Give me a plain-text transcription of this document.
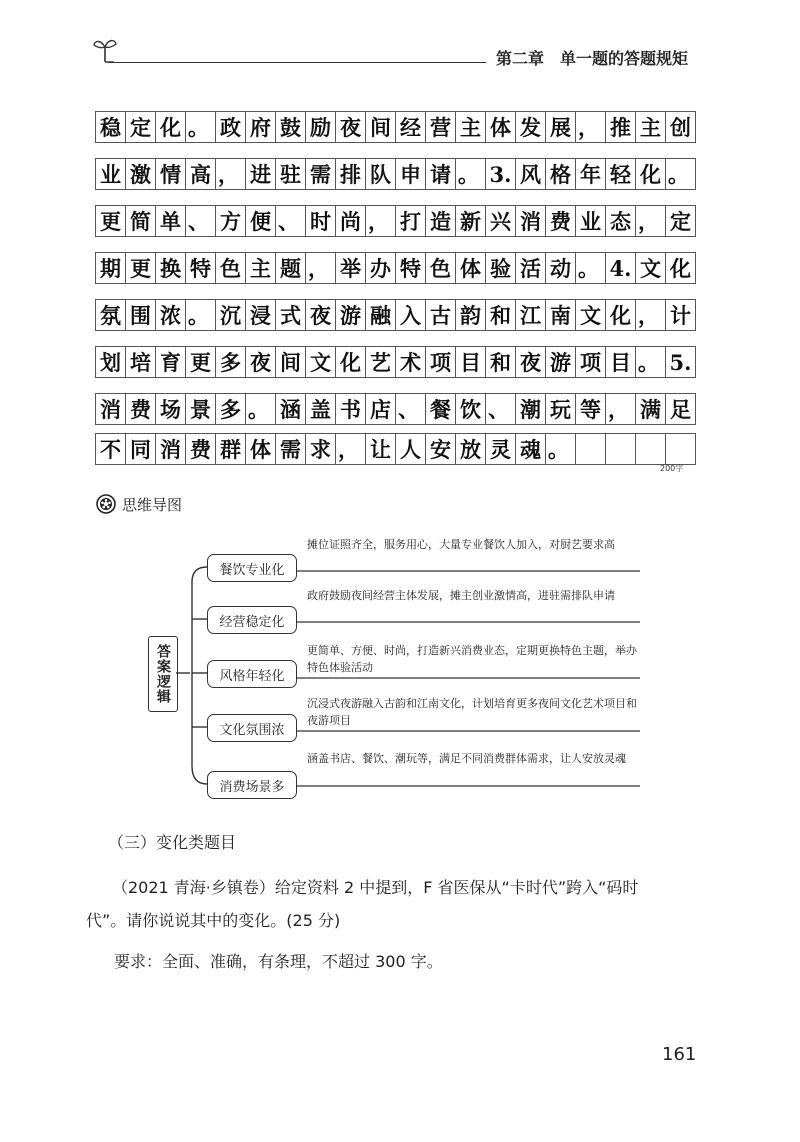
第二章　单一题的答题规矩
稳 定 化 。 政 府 鼓 励 夜 间 经 营 主 体 发 展 ， 推 主 创
业 激 情 高 ， 进 驻 需 排 队 申 请 。 3. 风 格 年 轻 化 。
更 简 单 、 方 便 、 时 尚 ， 打 造 新 兴 消 费 业 态 ， 定
期 更 换 特 色 主 题 ， 举 办 特 色 体 验 活 动 。 4. 文 化
氛 围 浓 。 沉 浸 式 夜 游 融 入 古 韵 和 江 南 文 化 ， 计
划 培 育 更 多 夜 间 文 化 艺 术 项 目 和 夜 游 项 目 。 5.
消 费 场 景 多 。 涵 盖 书 店 、 餐 饮 、 潮 玩 等 ， 满 足
不 同 消 费 群 体 需 求 ， 让 人 安 放 灵 魂 。
200字
思维导图
答案逻辑
餐饮专业化
摊位证照齐全，服务用心，大量专业餐饮人加入，对厨艺要求高
经营稳定化
政府鼓励夜间经营主体发展，摊主创业激情高，进驻需排队申请
风格年轻化
更简单、方便、时尚，打造新兴消费业态，定期更换特色主题，举办特色体验活动
文化氛围浓
沉浸式夜游融入古韵和江南文化，计划培育更多夜间文化艺术项目和夜游项目
消费场景多
涵盖书店、餐饮、潮玩等，满足不同消费群体需求，让人安放灵魂
（三）变化类题目
（2021 青海·乡镇卷）给定资料 2 中提到，F 省医保从“卡时代”跨入“码时
代”。请你说说其中的变化。(25 分)
要求：全面、准确，有条理，不超过 300 字。
161
